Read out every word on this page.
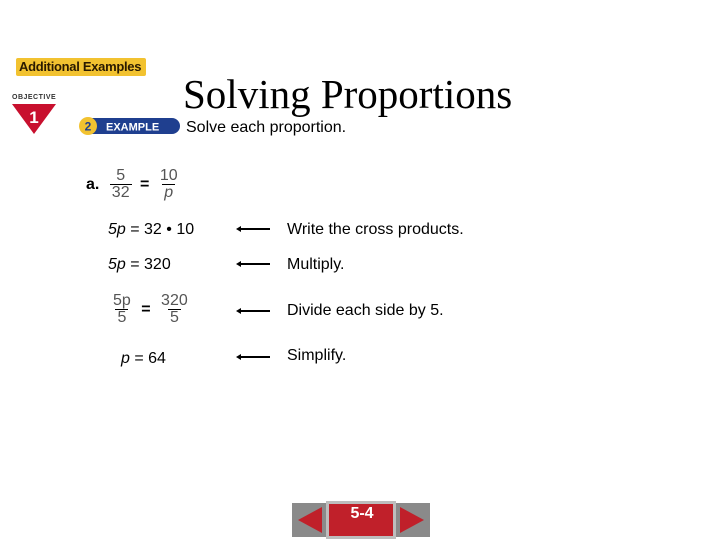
Additional Examples
OBJECTIVE
1	2 EXAMPLE
Solving Proportions
Solve each proportion.
a. $\frac{5}{32} = \frac{10}{p}$
5p = 32 • 10	Write the cross products.
5p = 320	Multiply.
$\frac{5p}{5} = \frac{320}{5}$	Divide each side by 5.
p = 64	Simplify.
5-4
